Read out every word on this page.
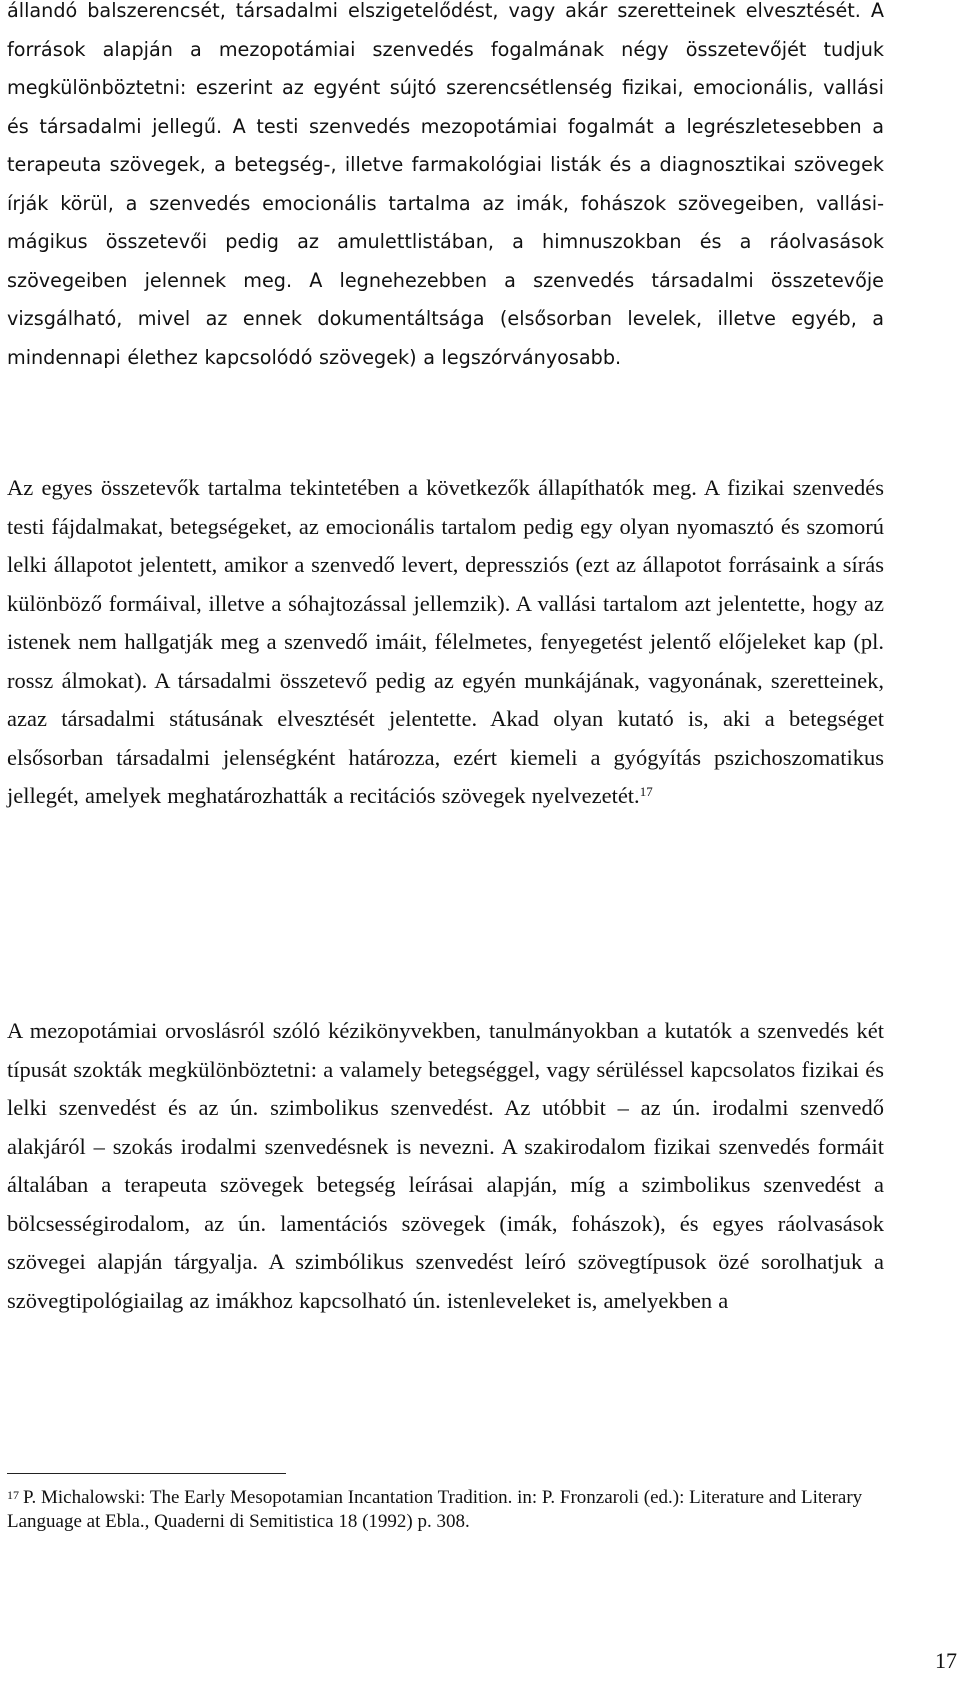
állandó balszerencsét, társadalmi elszigetelődést, vagy akár szeretteinek elvesztését. A források alapján a mezopotámiai szenvedés fogalmának négy összetevőjét tudjuk megkülönböztetni: eszerint az egyént sújtó szerencsétlenség fizikai, emocionális, vallási és társadalmi jellegű. A testi szenvedés mezopotámiai fogalmát a legrészletesebben a terapeuta szövegek, a betegség-, illetve farmakológiai listák és a diagnosztikai szövegek írják körül, a szenvedés emocionális tartalma az imák, fohászok szövegeiben, vallási-mágikus összetevői pedig az amulettlistában, a himnuszokban és a ráolvasások szövegeiben jelennek meg. A legnehezebben a szenvedés társadalmi összetevője vizsgálható, mivel az ennek dokumentáltsága (elsősorban levelek, illetve egyéb, a mindennapi élethez kapcsolódó szövegek) a legszórványosabb.

Az egyes összetevők tartalma tekintetében a következők állapíthatók meg. A fizikai szenvedés testi fájdalmakat, betegségeket, az emocionális tartalom pedig egy olyan nyomasztó és szomorú lelki állapotot jelentett, amikor a szenvedő levert, depressziós (ezt az állapotot forrásaink a sírás különböző formáival, illetve a sóhajtozással jellemzik). A vallási tartalom azt jelentette, hogy az istenek nem hallgatják meg a szenvedő imáit, félelmetes, fenyegetést jelentő előjeleket kap (pl. rossz álmokat). A társadalmi összetevő pedig az egyén munkájának, vagyonának, szeretteinek, azaz társadalmi státusának elvesztését jelentette. Akad olyan kutató is, aki a betegséget elsősorban társadalmi jelenségként határozza, ezért kiemeli a gyógyítás pszichoszomatikus jellegét, amelyek meghatározhatták a recitációs szövegek nyelvezetét.$^{17}$

A mezopotámiai orvoslásról szóló kézikönyvekben, tanulmányokban a kutatók a szenvedés két típusát szokták megkülönböztetni: a valamely betegséggel, vagy sérüléssel kapcsolatos fizikai és lelki szenvedést és az ún. szimbolikus szenvedést. Az utóbbit – az ún. irodalmi szenvedő alakjáról – szokás irodalmi szenvedésnek is nevezni. A szakirodalom fizikai szenvedés formáit általában a terapeuta szövegek betegség leírásai alapján, míg a szimbolikus szenvedést a bölcsességirodalom, az ún. lamentációs szövegek (imák, fohászok), és egyes ráolvasások szövegei alapján tárgyalja. A szimbólikus szenvedést leíró szövegtípusok özé sorolhatjuk a szövegtipológiailag az imákhoz kapcsolható ún. istenleveleket is, amelyekben a

$^{17}$ P. Michalowski: The Early Mesopotamian Incantation Tradition. in: P. Fronzaroli (ed.): Literature and Literary Language at Ebla., Quaderni di Semitistica 18 (1992) p. 308.

17
